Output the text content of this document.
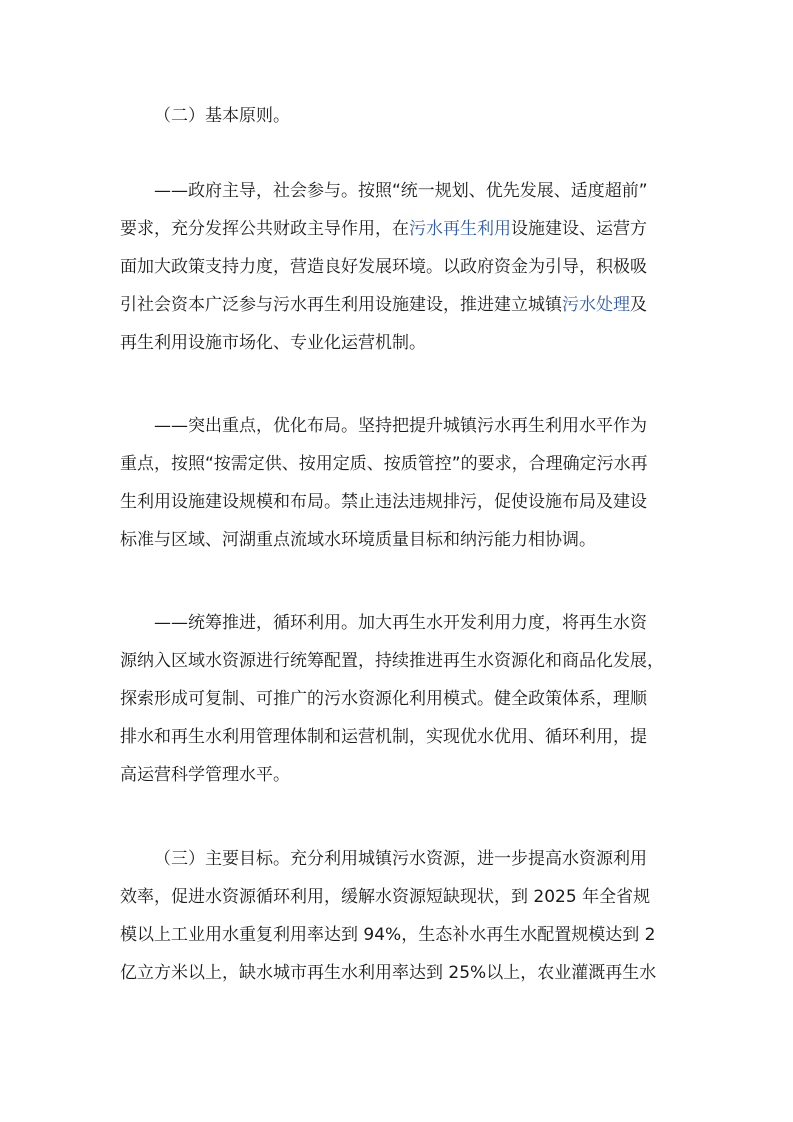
（二）基本原则。

——政府主导，社会参与。按照“统一规划、优先发展、适度超前”
要求，充分发挥公共财政主导作用，在污水再生利用设施建设、运营方
面加大政策支持力度，营造良好发展环境。以政府资金为引导，积极吸
引社会资本广泛参与污水再生利用设施建设，推进建立城镇污水处理及
再生利用设施市场化、专业化运营机制。

——突出重点，优化布局。坚持把提升城镇污水再生利用水平作为
重点，按照“按需定供、按用定质、按质管控”的要求，合理确定污水再
生利用设施建设规模和布局。禁止违法违规排污，促使设施布局及建设
标准与区域、河湖重点流域水环境质量目标和纳污能力相协调。

——统筹推进，循环利用。加大再生水开发利用力度，将再生水资
源纳入区域水资源进行统筹配置，持续推进再生水资源化和商品化发展，
探索形成可复制、可推广的污水资源化利用模式。健全政策体系，理顺
排水和再生水利用管理体制和运营机制，实现优水优用、循环利用，提
高运营科学管理水平。

（三）主要目标。充分利用城镇污水资源，进一步提高水资源利用
效率，促进水资源循环利用，缓解水资源短缺现状，到 2025 年全省规
模以上工业用水重复利用率达到 94%，生态补水再生水配置规模达到 2
亿立方米以上，缺水城市再生水利用率达到 25%以上，农业灌溉再生水
